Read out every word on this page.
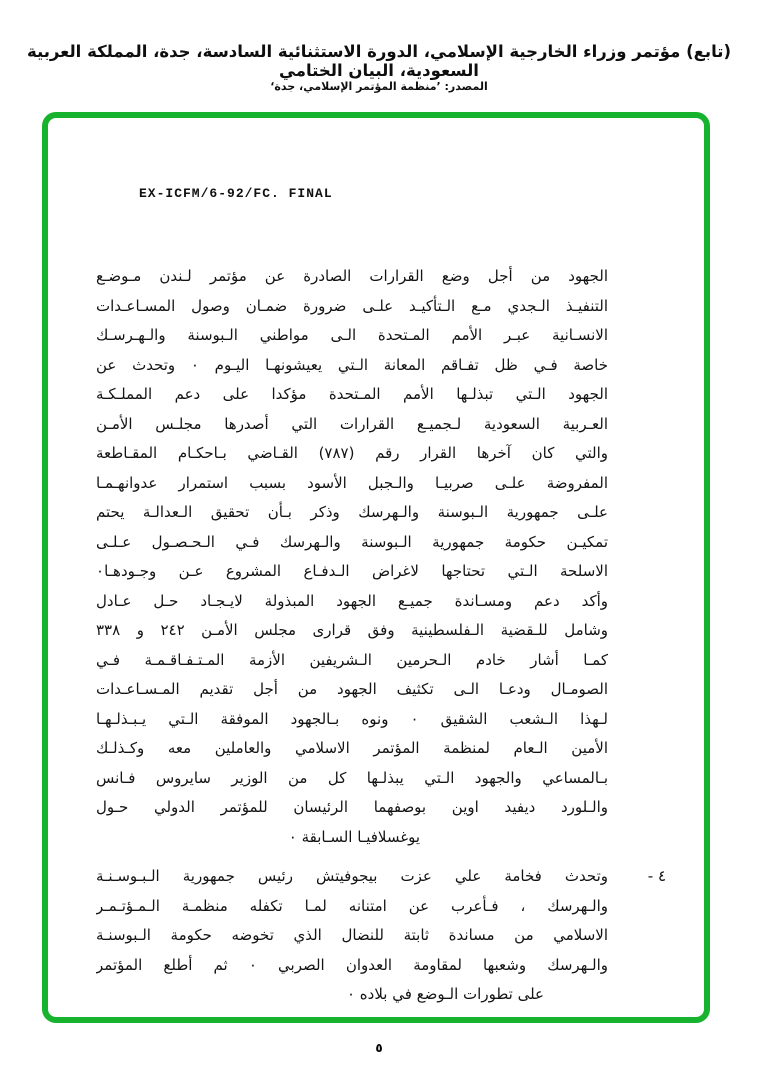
(تابع) مؤتمر وزراء الخارجية الإسلامي، الدورة الاستثنائية السادسة، جدة، المملكة العربية السعودية، البيان الختامي
المصدر: ’منظمة المؤتمر الإسلامي، جدة‘
EX-ICFM/6-92/FC. FINAL
الجهود من أجل وضع القرارات الصادرة عن مؤتمر لـندن مـوضـع
التنفيـذ الـجدي مـع الـتأكيـد علـى ضرورة ضمـان وصول المسـاعـدات
الانسـانية عبـر الأمم المـتحدة الـى مواطني الـبوسنة والـهـرسـك
خاصة فـي ظل تفـاقم المعانة الـتي يعيشونهـا اليـوم ٠ وتحدث عن
الجهود الـتي تبذلـها الأمم المـتحدة مؤكدا على دعم المملـكـة
العـربية السعودية لـجميـع القرارات التي أصدرها مجلـس الأمـن
والتي كان آخرها القرار رقم (٧٨٧) القـاضي بـاحكـام المقـاطعة
المفروضة علـى صربيـا والـجبل الأسود بسبب استمرار عدوانهـمـا
علـى جمهورية الـبوسنة والـهرسك وذكر بـأن تحقيق الـعدالـة يحتم
تمكيـن حكومة جمهورية الـبوسنة والـهرسك فـي الـحـصـول عـلـى
الاسلحة الـتي تحتاجها لاغراض الـدفـاع المشروع عـن وجـودهـا٠
وأكد دعم ومسـاندة جميـع الجهود المبذولة لايـجـاد حـل عـادل
وشامل للـقضية الـفلسطينية وفق قرارى مجلس الأمـن ٢٤٢ و ٣٣٨
كمـا أشار خادم الـحرمين الـشريفين الأزمة المـتـفـاقـمـة فـي
الصومـال ودعـا الـى تكثيف الجهود من أجل تقديم المـسـاعـدات
لـهذا الـشعب الشقيق ٠ ونوه بـالجهود الموفقة الـتي يـبـذلـهـا
الأمين الـعام لمنظمة المؤتمر الاسلامي والعاملين معه وكـذلـك
بـالمساعي والجهود الـتي يبذلـها كل من الوزير سايروس فـانس
والـلورد ديفيد اوين بوصفهما الرئيسان للمؤتمر الدولي حـول
يوغسلافيـا السـابقة ٠
٤ -
وتحدث فخامة علي عزت بيجوفيتش رئيس جمهورية الـبـوسـنـة
والـهرسك ، فـأعرب عن امتنانه لمـا تكفله منظمـة الـمـؤتـمـر
الاسلامي من مساندة ثابتة للنضال الذي تخوضه حكومة الـبوسنـة
والـهرسك وشعبها لمقاومة العدوان الصربي ٠ ثم أطلع المؤتمر
على تطورات الـوضع في بلاده ٠
٥
